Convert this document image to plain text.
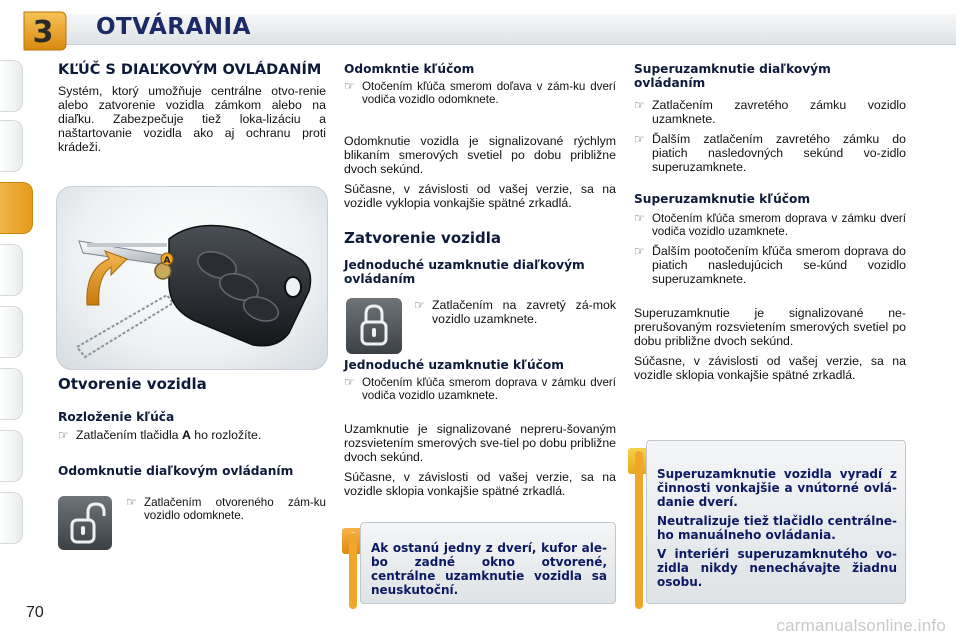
3 OTVÁRANIA
KĽÚČ S DIAĽKOVÝM OVLÁDANÍM

Systém, ktorý umožňuje centrálne otvo-renie alebo zatvorenie vozidla zámkom alebo na diaľku. Zabezpečuje tiež loka-lizáciu a naštartovanie vozidla ako aj ochranu proti krádeži.

A
Otvorenie vozidla
Rozloženie kľúča
☞ Zatlačením tlačidla A ho rozložíte.
Odomknutie diaľkovým ovládaním
☞ Zatlačením otvoreného zám-ku vozidlo odomknete.
Odomkntie kľúčom
☞ Otočením kľúča smerom doľava v zám-ku dverí vodiča vozidlo odomknete.

Odomknutie vozidla je signalizované rýchlym blikaním smerových svetiel po dobu približne dvoch sekúnd.

Súčasne, v závislosti od vašej verzie, sa na vozidle vyklopia vonkajšie spätné zrkadlá.

Zatvorenie vozidla
Jednoduché uzamknutie diaľkovým ovládaním
☞ Zatlačením na zavretý zá-mok vozidlo uzamknete.
Jednoduché uzamknutie kľúčom
☞ Otočením kľúča smerom doprava v zámku dverí vodiča vozidlo uzamknete.

Uzamknutie je signalizované nepreru-šovaným rozsvietením smerových sve-tiel po dobu približne dvoch sekúnd.

Súčasne, v závislosti od vašej verzie, sa na vozidle sklopia vonkajšie spätné zrkadlá.

Superuzamknutie diaľkovým ovládaním
☞ Zatlačením zavretého zámku vozidlo uzamknete.
☞ Ďalším zatlačením zavretého zámku do piatich nasledovných sekúnd vo-zidlo superuzamknete.
Superuzamknutie kľúčom
☞ Otočením kľúča smerom doprava v zámku dverí vodiča vozidlo uzamknete.
☞ Ďalším pootočením kľúča smerom doprava do piatich nasledujúcich se-kúnd vozidlo superuzamknete.

Superuzamknutie je signalizované ne-prerušovaným rozsvietením smerových svetiel po dobu približne dvoch sekúnd.

Súčasne, v závislosti od vašej verzie, sa na vozidle sklopia vonkajšie spätné zrkadlá.

Ak ostanú jedny z dverí, kufor ale-bo zadné okno otvorené, centrálne uzamknutie vozidla sa neuskutoční.

Superuzamknutie vozidla vyradí z činnosti vonkajšie a vnútorné ovlá-danie dverí.

Neutralizuje tiež tlačidlo centrálne-ho manuálneho ovládania.

V interiéri superuzamknutého vo-zidla nikdy nenechávajte žiadnu osobu.

70
carmanualsonline.info
